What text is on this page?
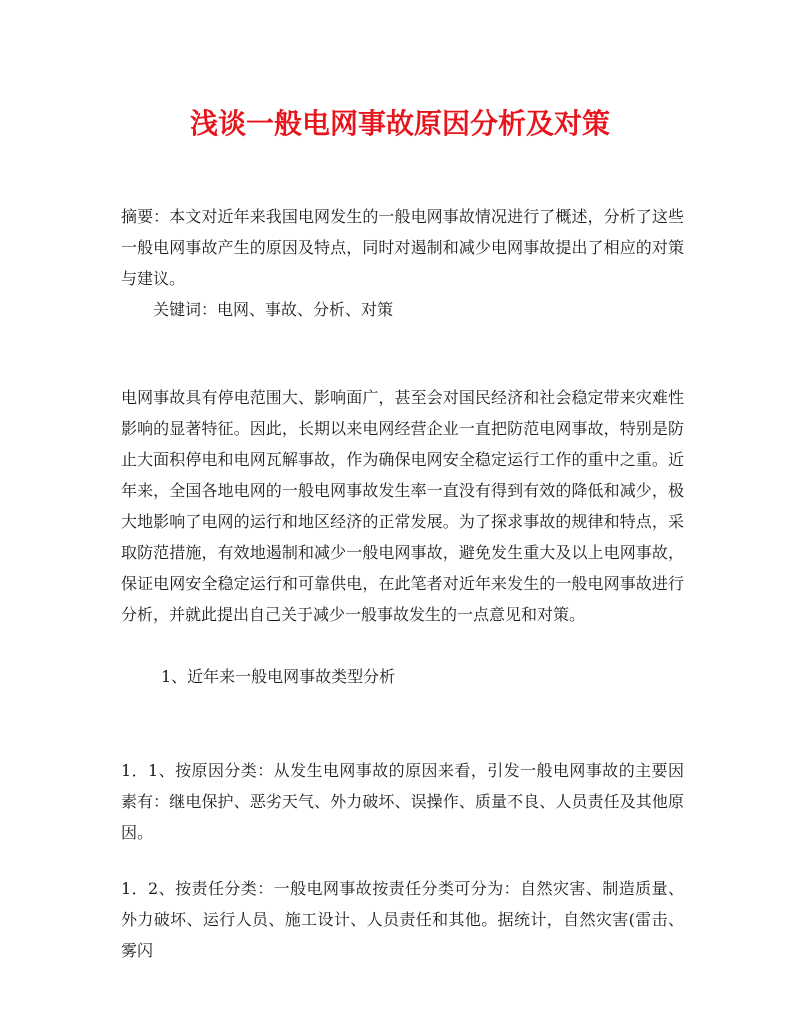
浅谈一般电网事故原因分析及对策

摘要：本文对近年来我国电网发生的一般电网事故情况进行了概述，分析了这些一般电网事故产生的原因及特点，同时对遏制和减少电网事故提出了相应的对策与建议。

关键词：电网、事故、分析、对策

电网事故具有停电范围大、影响面广，甚至会对国民经济和社会稳定带来灾难性影响的显著特征。因此，长期以来电网经营企业一直把防范电网事故，特别是防止大面积停电和电网瓦解事故，作为确保电网安全稳定运行工作的重中之重。近年来，全国各地电网的一般电网事故发生率一直没有得到有效的降低和减少，极大地影响了电网的运行和地区经济的正常发展。为了探求事故的规律和特点，采取防范措施，有效地遏制和减少一般电网事故，避免发生重大及以上电网事故，保证电网安全稳定运行和可靠供电，在此笔者对近年来发生的一般电网事故进行分析，并就此提出自己关于减少一般事故发生的一点意见和对策。

1、近年来一般电网事故类型分析

1．1、按原因分类：从发生电网事故的原因来看，引发一般电网事故的主要因素有：继电保护、恶劣天气、外力破坏、误操作、质量不良、人员责任及其他原因。

1．2、按责任分类：一般电网事故按责任分类可分为：自然灾害、制造质量、外力破坏、运行人员、施工设计、人员责任和其他。据统计，自然灾害(雷击、雾闪
